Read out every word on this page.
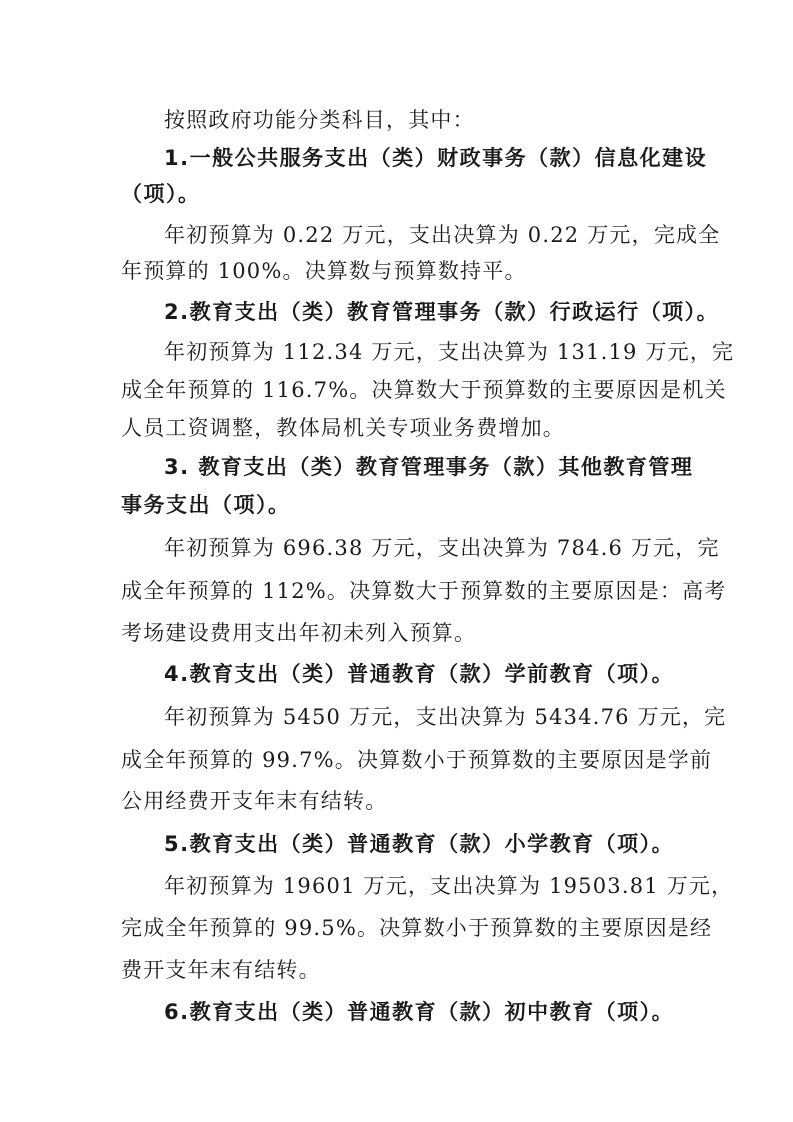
按照政府功能分类科目，其中：
1.一般公共服务支出（类）财政事务（款）信息化建设
（项）。
年初预算为 0.22 万元，支出决算为 0.22 万元，完成全
年预算的 100%。决算数与预算数持平。
2.教育支出（类）教育管理事务（款）行政运行（项）。
年初预算为 112.34 万元，支出决算为 131.19 万元，完
成全年预算的 116.7%。决算数大于预算数的主要原因是机关
人员工资调整，教体局机关专项业务费增加。
3. 教育支出（类）教育管理事务（款）其他教育管理
事务支出（项）。
年初预算为 696.38 万元，支出决算为 784.6 万元，完
成全年预算的 112%。决算数大于预算数的主要原因是：高考
考场建设费用支出年初未列入预算。
4.教育支出（类）普通教育（款）学前教育（项）。
年初预算为 5450 万元，支出决算为 5434.76 万元，完
成全年预算的 99.7%。决算数小于预算数的主要原因是学前
公用经费开支年末有结转。
5.教育支出（类）普通教育（款）小学教育（项）。
年初预算为 19601 万元，支出决算为 19503.81 万元，
完成全年预算的 99.5%。决算数小于预算数的主要原因是经
费开支年末有结转。
6.教育支出（类）普通教育（款）初中教育（项）。
